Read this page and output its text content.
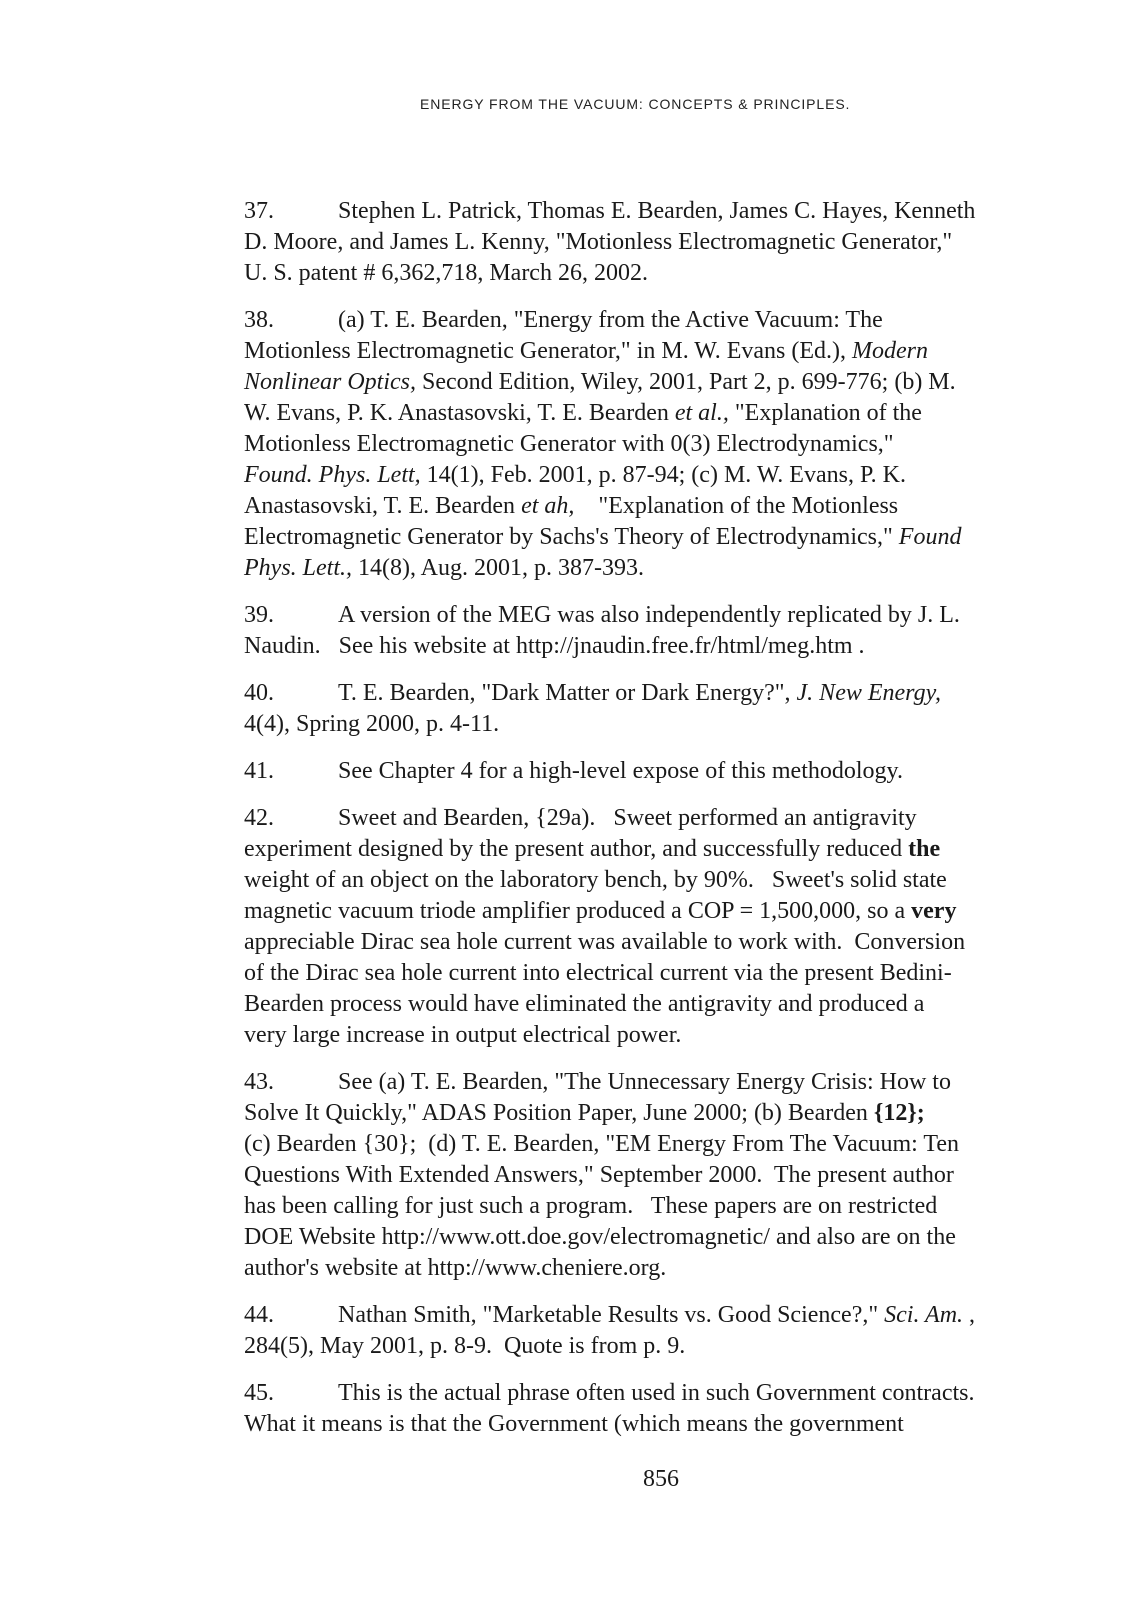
ENERGY FROM THE VACUUM: CONCEPTS & PRINCIPLES.
37.	Stephen L. Patrick, Thomas E. Bearden, James C. Hayes, Kenneth
D. Moore, and James L. Kenny, "Motionless Electromagnetic Generator,"
U. S. patent # 6,362,718, March 26, 2002.
38.	(a) T. E. Bearden, "Energy from the Active Vacuum: The
Motionless Electromagnetic Generator," in M. W. Evans (Ed.), Modern
Nonlinear Optics, Second Edition, Wiley, 2001, Part 2, p. 699-776; (b) M.
W. Evans, P. K. Anastasovski, T. E. Bearden et al., "Explanation of the
Motionless Electromagnetic Generator with 0(3) Electrodynamics,"
Found. Phys. Lett, 14(1), Feb. 2001, p. 87-94; (c) M. W. Evans, P. K.
Anastasovski, T. E. Bearden et ah,    "Explanation of the Motionless
Electromagnetic Generator by Sachs's Theory of Electrodynamics," Found
Phys. Lett., 14(8), Aug. 2001, p. 387-393.
39.	A version of the MEG was also independently replicated by J. L.
Naudin.   See his website at http://jnaudin.free.fr/html/meg.htm .
40.	T. E. Bearden, "Dark Matter or Dark Energy?", J. New Energy,
4(4), Spring 2000, p. 4-11.
41.	See Chapter 4 for a high-level expose of this methodology.
42.	Sweet and Bearden, {29a).   Sweet performed an antigravity
experiment designed by the present author, and successfully reduced the
weight of an object on the laboratory bench, by 90%.   Sweet's solid state
magnetic vacuum triode amplifier produced a COP = 1,500,000, so a very
appreciable Dirac sea hole current was available to work with.  Conversion
of the Dirac sea hole current into electrical current via the present Bedini-
Bearden process would have eliminated the antigravity and produced a
very large increase in output electrical power.
43.	See (a) T. E. Bearden, "The Unnecessary Energy Crisis: How to
Solve It Quickly," ADAS Position Paper, June 2000; (b) Bearden {12};
(c) Bearden {30};  (d) T. E. Bearden, "EM Energy From The Vacuum: Ten
Questions With Extended Answers," September 2000.  The present author
has been calling for just such a program.   These papers are on restricted
DOE Website http://www.ott.doe.gov/electromagnetic/ and also are on the
author's website at http://www.cheniere.org.
44.	Nathan Smith, "Marketable Results vs. Good Science?," Sci. Am. ,
284(5), May 2001, p. 8-9.  Quote is from p. 9.
45.	This is the actual phrase often used in such Government contracts.
What it means is that the Government (which means the government
856
